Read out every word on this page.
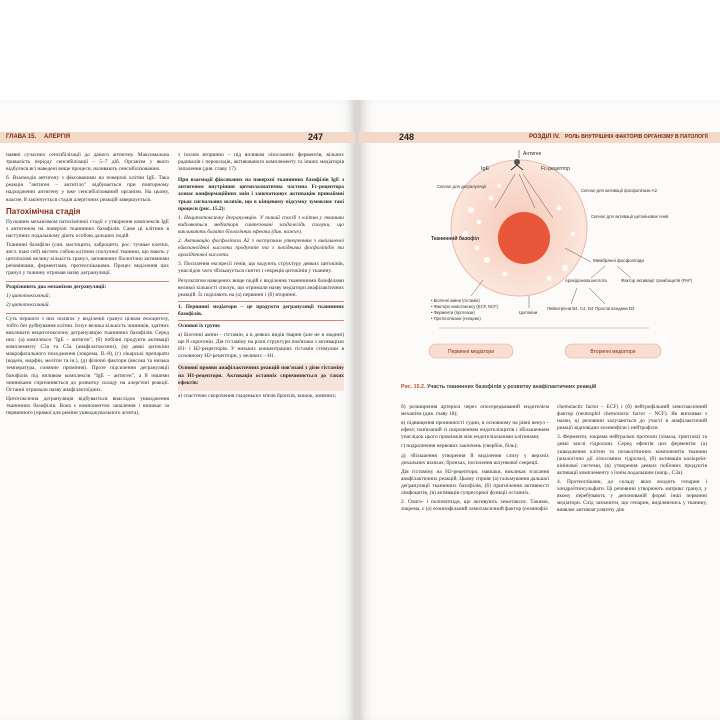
ГЛАВА 15. АЛЕРГІЯ	247

наявні сучасних сенсибілізації до даного антигену. Максимальна тривалість періоду сенсибілізації – 5–7 діб. Організм у якого відбулися всі наведені вище процеси, називають сенсибілізованим.

б. Взаємодія антигену з фіксованими на поверхні клітин IgE. Така реакція "антиген – антитіло" відбувається при повторному надходженні антигену у вже сенсибілізований організм. На цьому, власне, й закінчується стадія алергічних реакцій завершується.

Патохімічна стадія

Пусковим механізмом патохімічної стадії є утворення комплексів IgE з антигеном на поверхні тканинних базофілів. Саме ці клітини в наступних подальшому діють особою дальших подій.

Тканинні базофіли (син. мастоцити, лаброцити, рос. тучные клетки, англ. mast cell) містять собою клітини сполучної тканини, що мають у цитоплазмі велику кількість гранул, заповнених біологічно активними речовинами, ферментами, протеогліканами. Процес виділення цих гранул у тканину отримав назву дегрануляції.

Розрізняють два механізми дегрануляції:

1) цитотоксичний;

2) цитотоксичний.

Суть першого з них полягає у виділенні гранул цілком екзоцитозу, тобто без руйнування клітин. Існує велика кількість чинників, здатних викликати нецитотоксичну дегрануляцію тканинних базофілів. Серед них: (а) комплекси "IgE – антиген", (б) побічні продукти активації комплементу С3а та С5а (анафілатоксини), (в) деякі цитокіни макрофагального походження (зокрема, IL-8), (г) лікарські препарати (кодеїн, морфін, мелітін та ін.), (д) фізичні фактори (висока та низька температура, сонячне проміння). Проте підсилення дегрануляції базофілів під впливом комплексів "IgE – антиген", а й іншими чинниками спричиняється до розвитку складу на алергічні реакції. Останні отримали назву анафілактоїдних.

Цитотоксична дегрануляція відбувається внаслідок ушкодження тканинних базофілів. Вона є компонентом запалення і виникає за первинного (прямої для реміни ушкоджувального агента),

з ізолом вторинно – під впливом лізосомних ферментів, вільних радикалів і пероксидів, активованого комплементу та інших медіаторів запалення (див. главу 17).

При взаємодії фіксованих на поверхні тканинних базофілів IgE з антигеном внутрішня цитоплазматична частина Fc-рецептора зазнає конформаційних змін і започатковує активацію принаймні трьох сигнальних шляхів, що в кінцевому підсумку зумовлює такі процеси (рис. 15.2):

1. Нецитотоксичну дегрануляцію. У такий спосіб з клітин у тканини виділяються медіатори синтезовані заздалегідь сполуки, що викликають багато біологічних ефекти (див. нижче).

2. Активацію фосфоліпази А2 з наступним утворенням з вивільненої ейкозаноїдної кислоти продуктів та з похідними фосфоліпідів та арахідонової кислоти.

3. Посилення експресії генів, що кодують структуру деяких цитокінів, унаслідок чого збільшується синтез і секреція цитокінів у тканину.

Результатом наведених вище подій є виділення тканинними базофілами великої кількості сполук, що отримали назву медіатори анафілактичних реакцій. Їх поділяють на (а) первинні і (б) вторинні.

1. Первинні медіатори – це продукти дегрануляції тканинних базофілів.

Основні їх групи:

а) Біогенні аміни – гістамін, а в деяких видів тварин (але не в людині) ще й серотонін. Дія гістаміну на різні структури пов'язана з активацією H1- і H2-рецепторів. У низьких концентраціях гістамін стимулює в основному H2-рецептори, у великих – H1.

Основні прояви анафілактичних реакцій пов'язані з дією гістаміну на H1-рецептори. Активація останніх спричиняється до таких ефектів:

а) спастичне скорочення гладеньких м'язів бронхів, кишок, жовчних;

248	РОЗДІЛ IV. РОЛЬ ВНУТРІШНІХ ФАКТОРІВ ОРГАНІЗМУ В ПАТОЛОГІЇ
Антиген
IgE	Fc-рецептор
Сигнал для дегрануляції
Сигнал для активації фосфоліпази A2
Сигнал для активації цитокінових генів
Тканинний базофіл
Мембранні фосфоліпіди
Арахідонова кислота	Фактор активації тромбоцитів (PAF)
Лейкотрієни B4, C4, D4 Простагландини D2
Цитокіни
• Біогенні аміни (гістамін)
• Фактори хемотаксису (ECF, NCF)
• Ферменти (протеази)
• Протеоглікани (гепарин)
Первинні медіатори	Вторинні медіатори
Рис. 15.2. Участь тканинних базофілів у розвитку анафілактичних реакцій

б) розширення артеріол через опосередкований ендотелієм механізм (див. главу 18);

в) підвищення проникності судин, в основному на рівні венул – ефект, пов'язаний зі скороченням ендотеліоцитів і збільшенням унаслідок цього проміжків між ендотеліальними клітинами;

г) подразнення нервових закінчень (свербіж, біль);

д) збільшення утворення й виділення слизу у верхніх дихальних шляхах, бронхах, посилення шлункової секреції.

Дія гістаміну на H2-рецептори, навпаки, викликає згасання анафілактичних реакцій. Цьому сприяє (а) гальмування дальшої дегрануляції тканинних базофілів, (б) пригнічення активності лімфоцитів, (в) активація супресорної функції останніх.

2. Олиго- і поліпептиди, що активують хемотаксис. Такими, зокрема, є (а) еозинофільний хемотаксичний фактор (еозинофіл

chemotactic factor – ECF) і (б) нейтрофільний хемотаксичний фактор (neutrophil chemotactic factor – NCF). Як випливає з назви, ці речовини залучаються до участі в анафілактичній реакції відповідно еозинофіли і нейтрофіли.

3. Ферменти, зокрема нейтральні протеази (хімаза, триптаза) та деякі кислі гідролази. Серед ефектів цих ферментів: (а) ушкодження клітин та позаклітинних компонентів тканини (аналогічно дії лізосомних гідролаз), (б) активація калікреїн-кінінової системи, (в) утворення деяких побічних продуктів активації комплементу з їхнім подальшим (напр., С3а).

4. Протеоглікани, до складу яких входить гепарин і хондроїтинсульфати. Ці речовини утворюють матрикс гранул, у якому перебувають у депонованій формі інші первинні медіатори. Слід зазначити, що гепарин, виділяючись у тканину, виявляє антикоагулянтну дію
